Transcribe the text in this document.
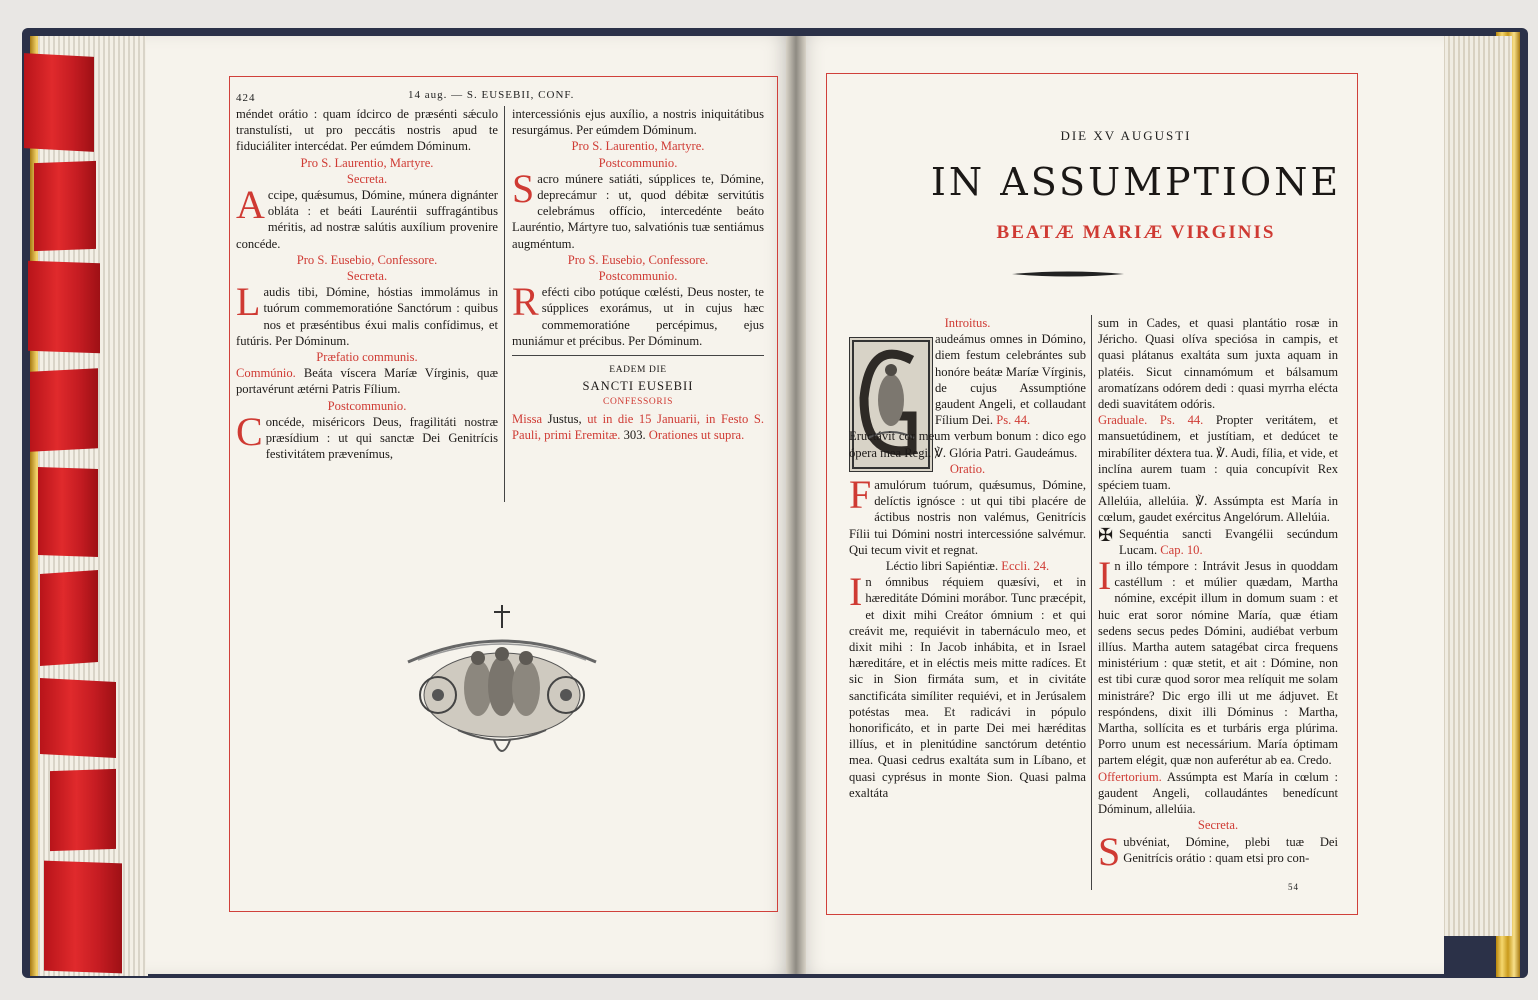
424	14 aug. — S. EUSEBII, CONF.

méndet orátio : quam ídcirco de præsénti sǽculo transtulísti, ut pro peccátis nostris apud te fiduciáliter intercédat. Per eúmdem Dóminum.

Pro S. Laurentio, Martyre.

Secreta.

Accipe, quǽsumus, Dómine, múnera dignánter obláta : et beáti Lauréntii suffragántibus méritis, ad nostræ salútis auxílium provenire concéde.

Pro S. Eusebio, Confessore.

Secreta.

Laudis tibi, Dómine, hóstias immolámus in tuórum commemoratióne Sanctórum : quibus nos et præséntibus éxui malis confídimus, et futúris. Per Dóminum.

Præfatio communis.

Commúnio. Beáta víscera Maríæ Vírginis, quæ portavérunt ætérni Patris Fílium.

Postcommunio.

Concéde, miséricors Deus, fragilitáti nostræ præsídium : ut qui sanctæ Dei Genitrícis festivitátem prævenímus,

intercessiónis ejus auxílio, a nostris iniquitátibus resurgámus. Per eúmdem Dóminum.

Pro S. Laurentio, Martyre.

Postcommunio.

Sacro múnere satiáti, súpplices te, Dómine, deprecámur : ut, quod débitæ servitútis celebrámus offício, intercedénte beáto Lauréntio, Mártyre tuo, salvatiónis tuæ sentiámus augméntum.

Pro S. Eusebio, Confessore.

Postcommunio.

Refécti cibo potúque cœlésti, Deus noster, te súpplices exorámus, ut in cujus hæc commemoratióne percépimus, ejus muniámur et précibus. Per Dóminum.

EADEM DIE

SANCTI EUSEBII

CONFESSORIS

Missa Justus, ut in die 15 Januarii, in Festo S. Pauli, primi Eremitæ. 303. Orationes ut supra.

DIE XV AUGUSTI
IN ASSUMPTIONE
BEATÆ MARIÆ VIRGINIS

Introitus.

audeámus omnes in Dómino, diem festum celebrántes sub honóre beátæ Maríæ Vírginis, de cujus Assumptióne gaudent Angeli, et collaudant Fílium Dei. Ps. 44.

Eructávit cor meum verbum bonum : dico ego ópera mea Regi. ℣. Glória Patri. Gaudeámus.

Oratio.

Famulórum tuórum, quǽsumus, Dómine, delíctis ignósce : ut qui tibi placére de áctibus nostris non valémus, Genitrícis Fílii tui Dómini nostri intercessióne salvémur. Qui tecum vivit et regnat.

Léctio libri Sapiéntiæ. Eccli. 24.

In ómnibus réquiem quæsívi, et in hæreditáte Dómini morábor. Tunc præcépit, et dixit mihi Creátor ómnium : et qui creávit me, requiévit in tabernáculo meo, et dixit mihi : In Jacob inhábita, et in Israel hæreditáre, et in eléctis meis mitte radíces. Et sic in Sion firmáta sum, et in civitáte sanctificáta simíliter requiévi, et in Jerúsalem potéstas mea. Et radicávi in pópulo honorificáto, et in parte Dei mei hæréditas illíus, et in plenitúdine sanctórum deténtio mea. Quasi cedrus exaltáta sum in Líbano, et quasi cyprésus in monte Sion. Quasi palma exaltáta

sum in Cades, et quasi plantátio rosæ in Jéricho. Quasi olíva speciósa in campis, et quasi plátanus exaltáta sum juxta aquam in platéis. Sicut cinnamómum et bálsamum aromatízans odórem dedi : quasi myrrha elécta dedi suavitátem odóris.

Graduale. Ps. 44. Propter veritátem, et mansuetúdinem, et justítiam, et dedúcet te mirabíliter déxtera tua. ℣. Audi, fília, et vide, et inclína aurem tuam : quia concupívit Rex spéciem tuam.

Allelúia, allelúia. ℣. Assúmpta est María in cœlum, gaudet exércitus Angelórum. Allelúia.

✠ Sequéntia sancti Evangélii secúndum Lucam. Cap. 10.

In illo témpore : Intrávit Jesus in quoddam castéllum : et múlier quædam, Martha nómine, excépit illum in domum suam : et huic erat soror nómine María, quæ étiam sedens secus pedes Dómini, audiébat verbum illíus. Martha autem satagébat circa frequens ministérium : quæ stetit, et ait : Dómine, non est tibi curæ quod soror mea relíquit me solam ministráre? Dic ergo illi ut me ádjuvet. Et respóndens, dixit illi Dóminus : Martha, Martha, sollícita es et turbáris erga plúrima. Porro unum est necessárium. María óptimam partem elégit, quæ non auferétur ab ea. Credo.

Offertorium. Assúmpta est María in cœlum : gaudent Angeli, collaudántes benedícunt Dóminum, allelúia.

Secreta.

Subvéniat, Dómine, plebi tuæ Dei Genitrícis orátio : quam etsi pro con-

54
